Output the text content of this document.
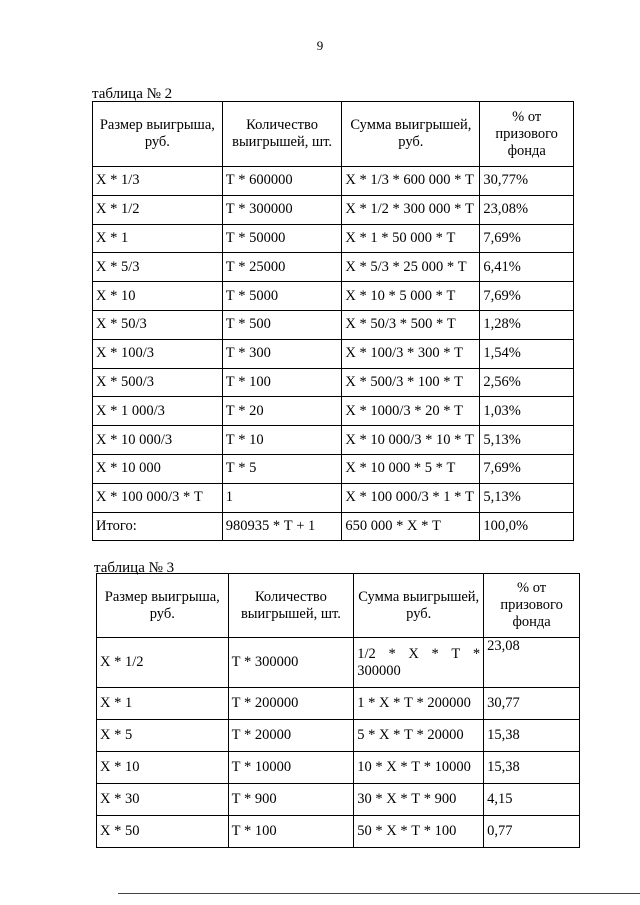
9
таблица № 2
Размер выигрыша, руб.	Количество выигрышей, шт.	Сумма выигрышей, руб.	% от призового фонда
Х * 1/3	Т * 600000	Х * 1/3 * 600 000 * Т	30,77%
Х * 1/2	Т * 300000	Х * 1/2 * 300 000 * Т	23,08%
Х * 1	Т * 50000	Х * 1 * 50 000 * Т	7,69%
Х * 5/3	Т * 25000	Х * 5/3 * 25 000 * Т	6,41%
Х * 10	Т * 5000	Х * 10 * 5 000 * Т	7,69%
Х * 50/3	Т * 500	Х * 50/3 * 500 * Т	1,28%
Х * 100/3	Т * 300	Х * 100/3 * 300 * Т	1,54%
Х * 500/3	Т * 100	Х * 500/3 * 100 * Т	2,56%
Х * 1 000/3	Т * 20	Х * 1000/3 * 20 * Т	1,03%
Х * 10 000/3	Т * 10	Х * 10 000/3 * 10 * Т	5,13%
Х * 10 000	Т * 5	Х * 10 000 * 5 * Т	7,69%
Х * 100 000/3 * Т	1	Х * 100 000/3 * 1 * Т	5,13%
Итого:	980935 * Т + 1	650 000 * Х * Т	100,0%
таблица № 3
Размер выигрыша, руб.	Количество выигрышей, шт.	Сумма выигрышей, руб.	% от призового фонда
Х * 1/2	Т * 300000	1/2 * Х * Т * 300000	23,08
Х * 1	Т * 200000	1 * Х * Т * 200000	30,77
Х * 5	Т * 20000	5 * Х * Т * 20000	15,38
Х * 10	Т * 10000	10 * Х * Т * 10000	15,38
Х * 30	Т * 900	30 * Х * Т * 900	4,15
Х * 50	Т * 100	50 * Х * Т * 100	0,77
